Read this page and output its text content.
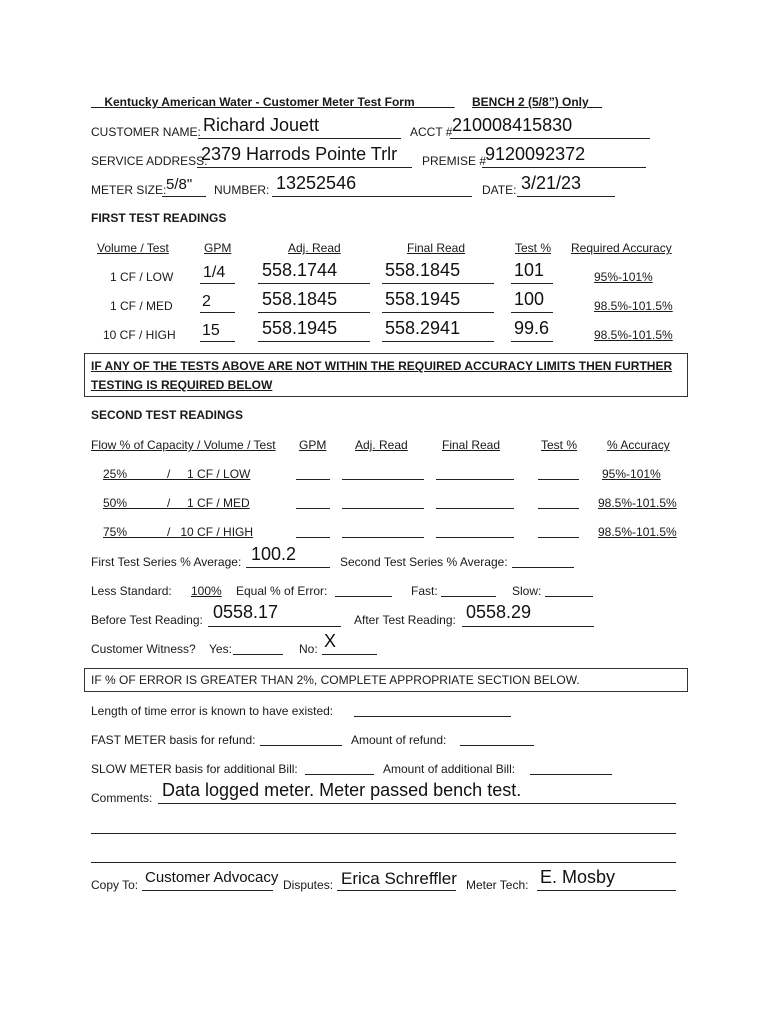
Kentucky American Water - Customer Meter Test Form	BENCH 2 (5/8”) Only
CUSTOMER NAME: Richard Jouett	ACCT # 210008415830
SERVICE ADDRESS:
2379 Harrods Pointe Trlr PREMISE #
9120092372
METER SIZE: 5/8" NUMBER: 13252546	DATE: 3/21/23
FIRST TEST READINGS
Volume / Test	GPM	Adj. Read	Final Read	Test % Required Accuracy
1 CF / LOW 1/4 558.1744	558.1845	101	95%-101%
1 CF / MED 2	558.1845	558.1945	100	98.5%-101.5%
10 CF / HIGH 15 558.1945	558.2941	99.6	98.5%-101.5%
IF ANY OF THE TESTS ABOVE ARE NOT WITHIN THE REQUIRED ACCURACY LIMITS THEN FURTHER
TESTING IS REQUIRED BELOW
SECOND TEST READINGS
Flow % of Capacity / Volume / Test GPM Adj. Read	Final Read	Test % % Accuracy
25%            /     1 CF / LOW	95%-101%
50%            /     1 CF / MED	98.5%-101.5%
75%            /   10 CF / HIGH	98.5%-101.5%
First Test Series % Average: 100.2	Second Test Series % Average:
Less Standard: 100% Equal % of Error:	Fast:	Slow:
Before Test Reading: 0558.17	After Test Reading: 0558.29
Customer Witness? Yes:	No: X
IF % OF ERROR IS GREATER THAN 2%, COMPLETE APPROPRIATE SECTION BELOW.
Length of time error is known to have existed:
FAST METER basis for refund:	Amount of refund:
SLOW METER basis for additional Bill:	Amount of additional Bill:
Comments: Data logged meter. Meter passed bench test.
Copy To: Customer Advocacy Disputes: Erica Schreffler Meter Tech: E. Mosby
